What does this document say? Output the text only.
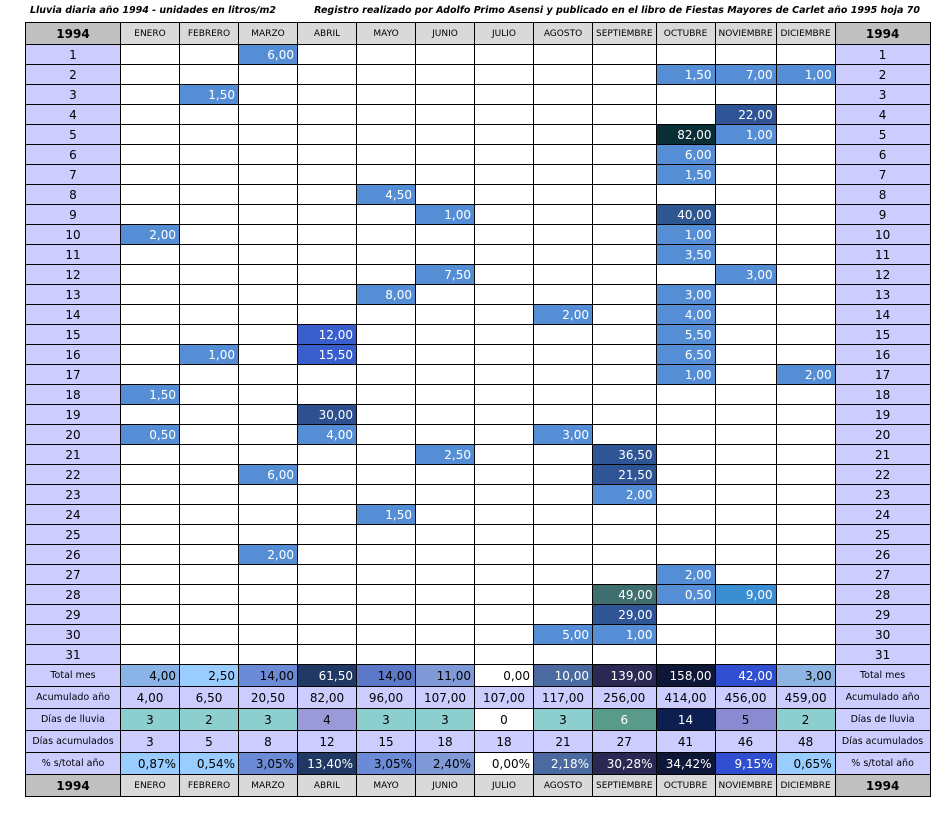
Lluvia diaria año 1994 - unidades en litros/m2	Registro realizado por Adolfo Primo Asensi y publicado en el libro de Fiestas Mayores de Carlet año 1995 hoja 70
1994	ENERO	FEBRERO	MARZO	ABRIL	MAYO	JUNIO	JULIO	AGOSTO	SEPTIEMBRE	OCTUBRE	NOVIEMBRE	DICIEMBRE	1994
1			6,00										1
2										1,50	7,00	1,00	2
3		1,50											3
4											22,00		4
5										82,00	1,00		5
6										6,00			6
7										1,50			7
8					4,50								8
9						1,00				40,00			9
10	2,00									1,00			10
11										3,50			11
12						7,50					3,00		12
13					8,00					3,00			13
14								2,00		4,00			14
15				12,00						5,50			15
16		1,00		15,50						6,50			16
17										1,00		2,00	17
18	1,50												18
19				30,00									19
20	0,50			4,00				3,00					20
21						2,50			36,50				21
22			6,00						21,50				22
23									2,00				23
24					1,50								24
25													25
26			2,00										26
27										2,00			27
28									49,00	0,50	9,00		28
29									29,00				29
30								5,00	1,00				30
31													31
Total mes	4,00	2,50	14,00	61,50	14,00	11,00	0,00	10,00	139,00	158,00	42,00	3,00	Total mes
Acumulado año	4,00	6,50	20,50	82,00	96,00	107,00	107,00	117,00	256,00	414,00	456,00	459,00	Acumulado año
Días de lluvia	3	2	3	4	3	3	0	3	6	14	5	2	Días de lluvia
Días acumulados	3	5	8	12	15	18	18	21	27	41	46	48	Días acumulados
% s/total año	0,87%	0,54%	3,05%	13,40%	3,05%	2,40%	0,00%	2,18%	30,28%	34,42%	9,15%	0,65%	% s/total año
1994	ENERO	FEBRERO	MARZO	ABRIL	MAYO	JUNIO	JULIO	AGOSTO	SEPTIEMBRE	OCTUBRE	NOVIEMBRE	DICIEMBRE	1994
